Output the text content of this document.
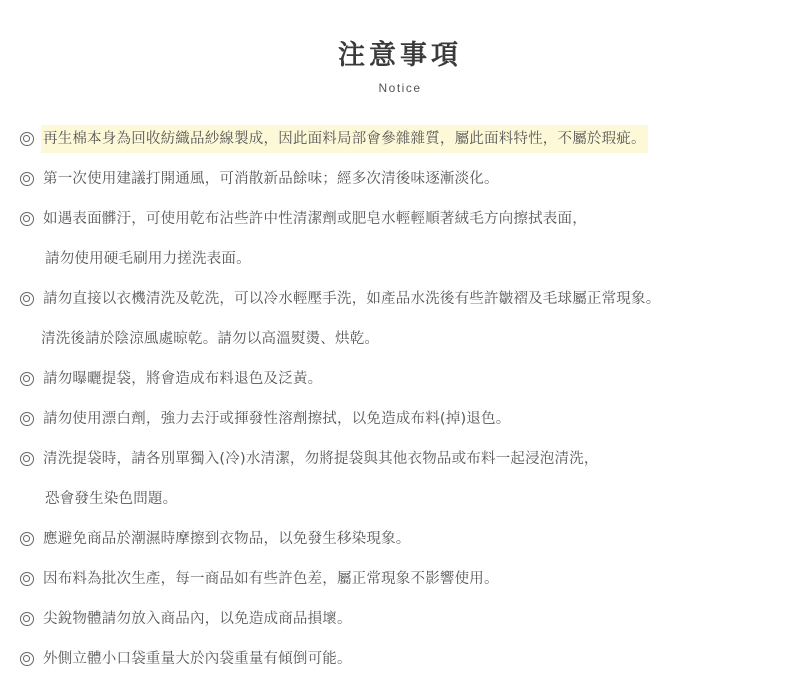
注意事項
Notice
再生棉本身為回收紡織品紗線製成，因此面料局部會參雜雜質，屬此面料特性，不屬於瑕疵。
第一次使用建議打開通風，可消散新品餘味；經多次清後味逐漸淡化。
如遇表面髒汙，可使用乾布沾些許中性清潔劑或肥皂水輕輕順著絨毛方向擦拭表面，
請勿使用硬毛刷用力搓洗表面。
請勿直接以衣機清洗及乾洗，可以冷水輕壓手洗，如產品水洗後有些許皺褶及毛球屬正常現象。
清洗後請於陰涼風處晾乾。請勿以高溫熨燙、烘乾。
請勿曝曬提袋，將會造成布料退色及泛黃。
請勿使用漂白劑，強力去汙或揮發性溶劑擦拭，以免造成布料(掉)退色。
清洗提袋時，請各別單獨入(冷)水清潔，勿將提袋與其他衣物品或布料一起浸泡清洗，
恐會發生染色問題。
應避免商品於潮濕時摩擦到衣物品，以免發生移染現象。
因布料為批次生產，每一商品如有些許色差，屬正常現象不影響使用。
尖銳物體請勿放入商品內，以免造成商品損壞。
外側立體小口袋重量大於內袋重量有傾倒可能。
